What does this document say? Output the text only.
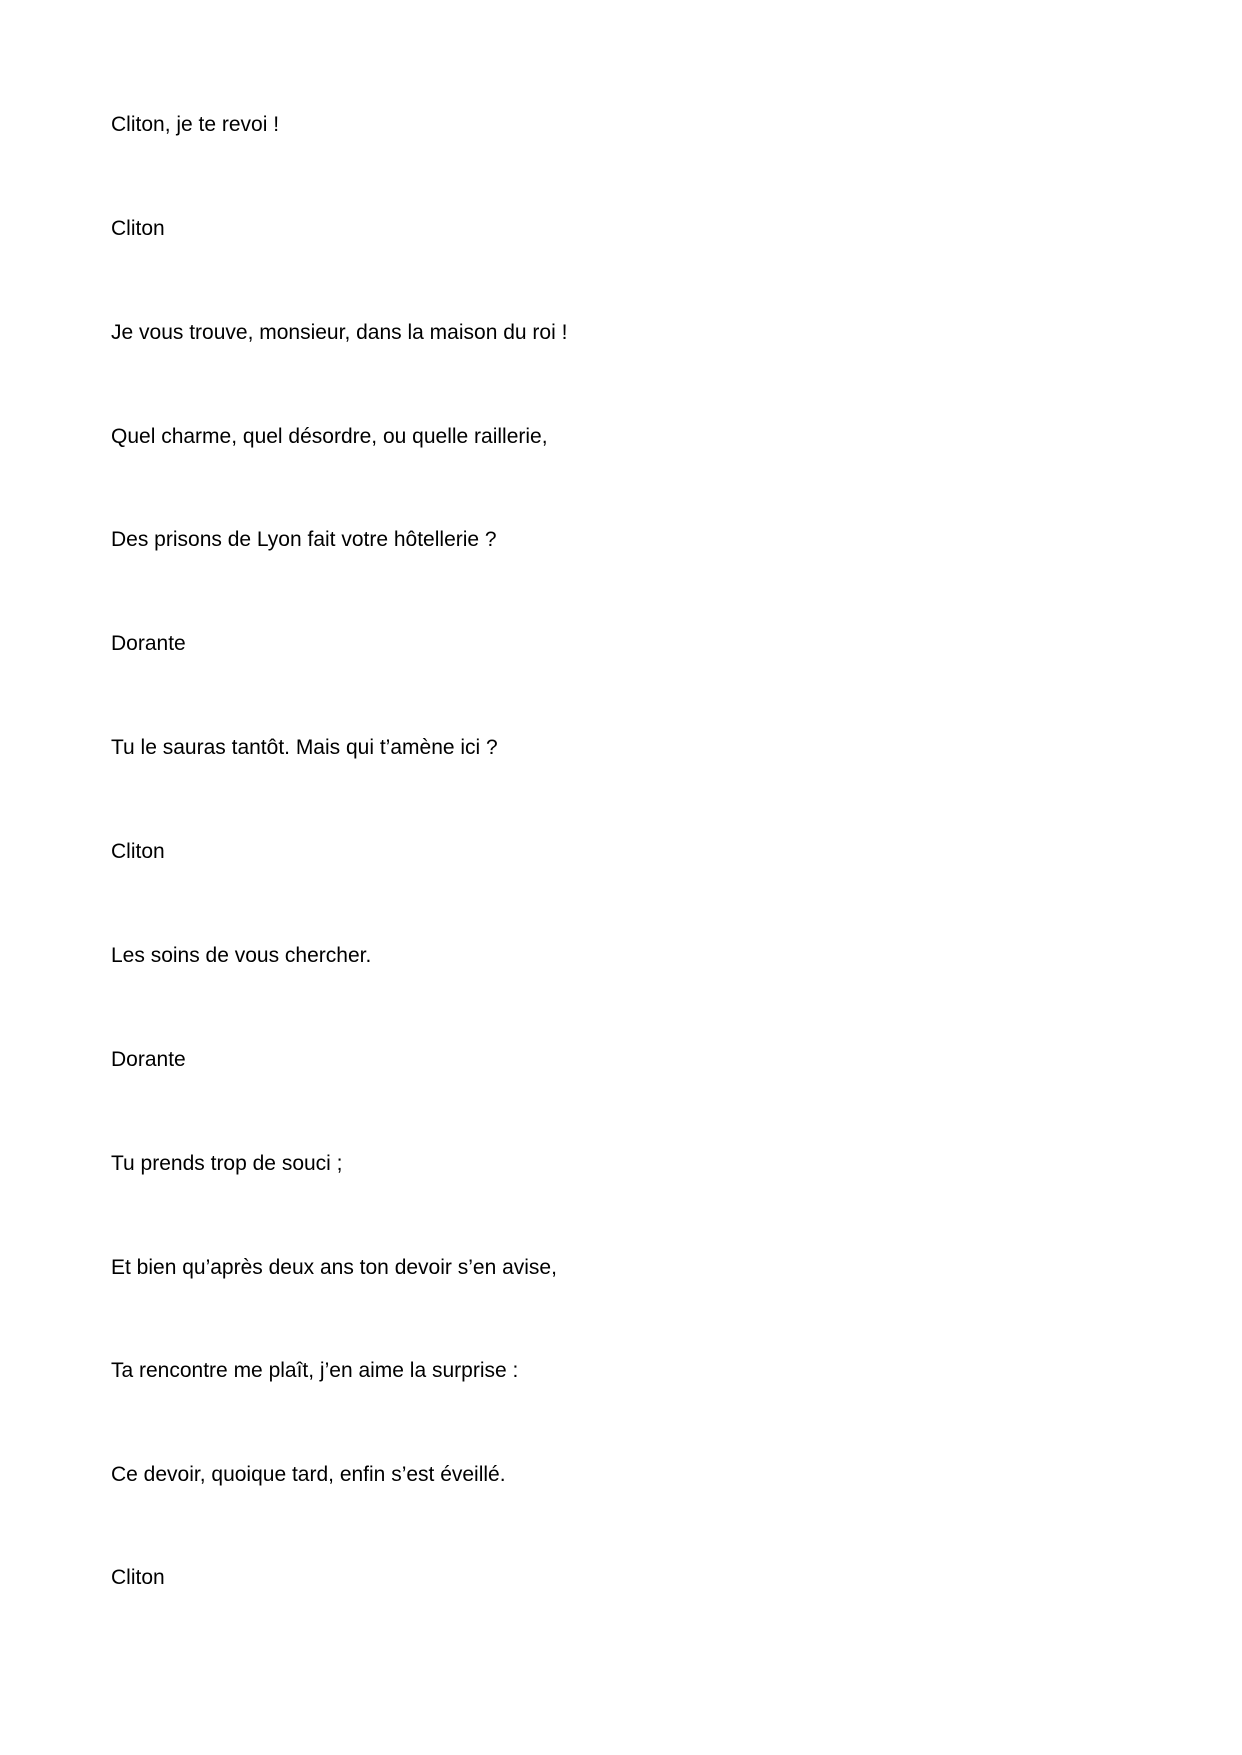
Cliton, je te revoi !

Cliton

Je vous trouve, monsieur, dans la maison du roi !

Quel charme, quel désordre, ou quelle raillerie,

Des prisons de Lyon fait votre hôtellerie ?

Dorante

Tu le sauras tantôt. Mais qui t’amène ici ?

Cliton

Les soins de vous chercher.

Dorante

Tu prends trop de souci ;

Et bien qu’après deux ans ton devoir s’en avise,

Ta rencontre me plaît, j’en aime la surprise :

Ce devoir, quoique tard, enfin s’est éveillé.

Cliton
